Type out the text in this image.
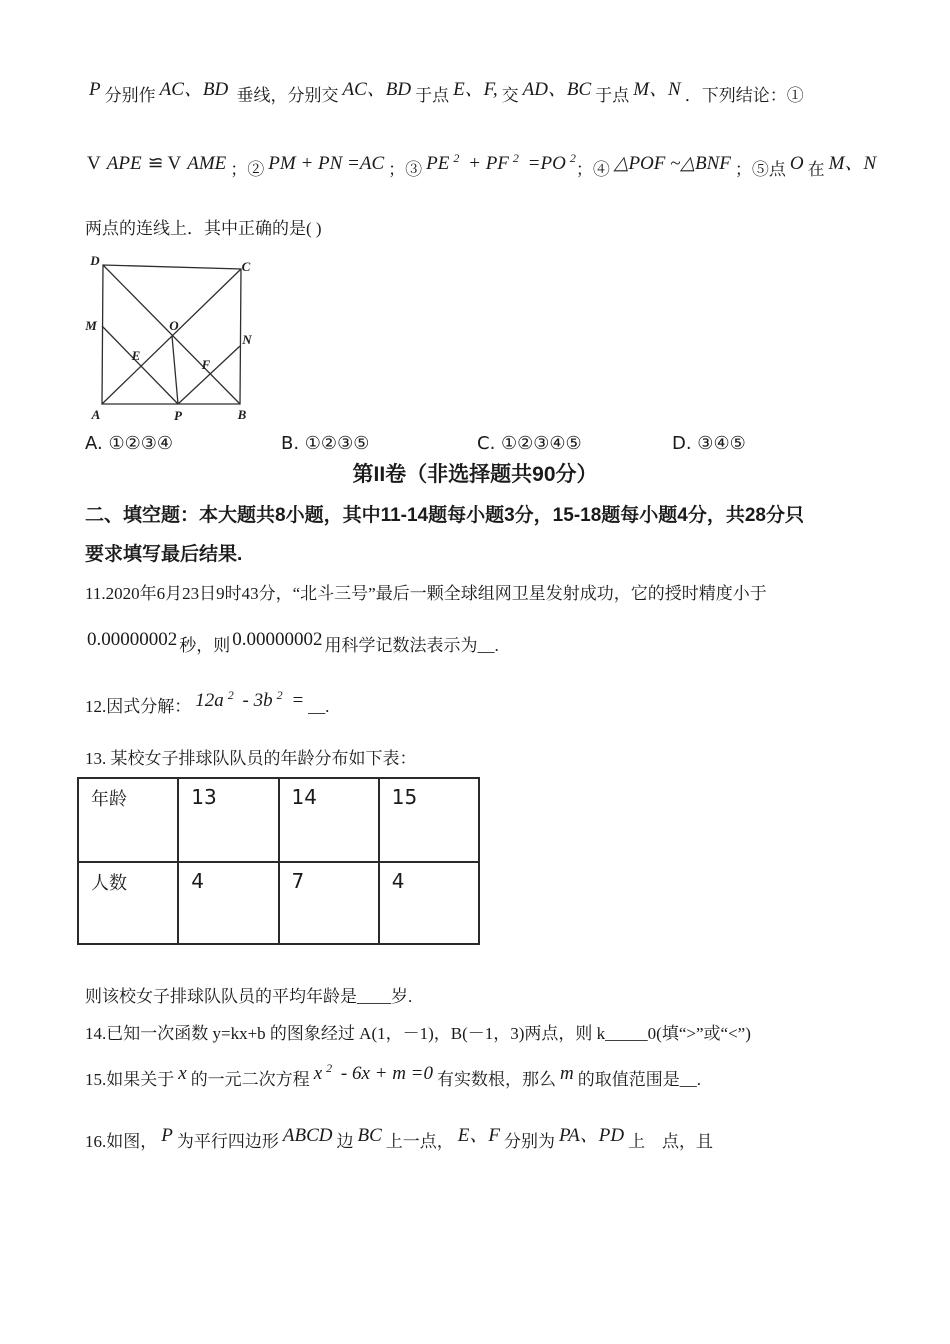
P 分别作 AC、BD 垂线，分别交 AC、BD 于点 E、F, 交 AD、BC 于点 M、N ．下列结论：①
V APE ≌ V AME ；② PM + PN =AC ；③ PE $^2$ + PF $^2$ =PO $^2$；④ △POF ~△BNF ；⑤点 O 在 M、N
两点的连线上．其中正确的是( )
D	C
M	O
N
E
F
A	P	B
A. ①②③④	B. ①②③⑤	C. ①②③④⑤	D. ③④⑤
第II卷（非选择题共90分）
二、填空题：本大题共8小题，其中11-14题每小题3分，15-18题每小题4分，共28分只
要求填写最后结果.
11.2020年6月23日9时43分，“北斗三号”最后一颗全球组网卫星发射成功，它的授时精度小于
0.00000002 秒，则 0.00000002 用科学记数法表示为__.
12.因式分解： 12a $^2$ - 3b $^2$ = __.
13. 某校女子排球队队员的年龄分布如下表：
年龄	13	14	15
人数	4	7	4
则该校女子排球队队员的平均年龄是____岁.
14.已知一次函数 y=kx+b 的图象经过 A(1，－1)，B(－1，3)两点，则 k_____0(填“>”或“<”)
15.如果关于 x 的一元二次方程 x $^2$ - 6x + m =0 有实数根，那么 m 的取值范围是__.
16.如图， P 为平行四边形 ABCD 边 BC 上一点， E、F 分别为 PA、PD 上　点，且
